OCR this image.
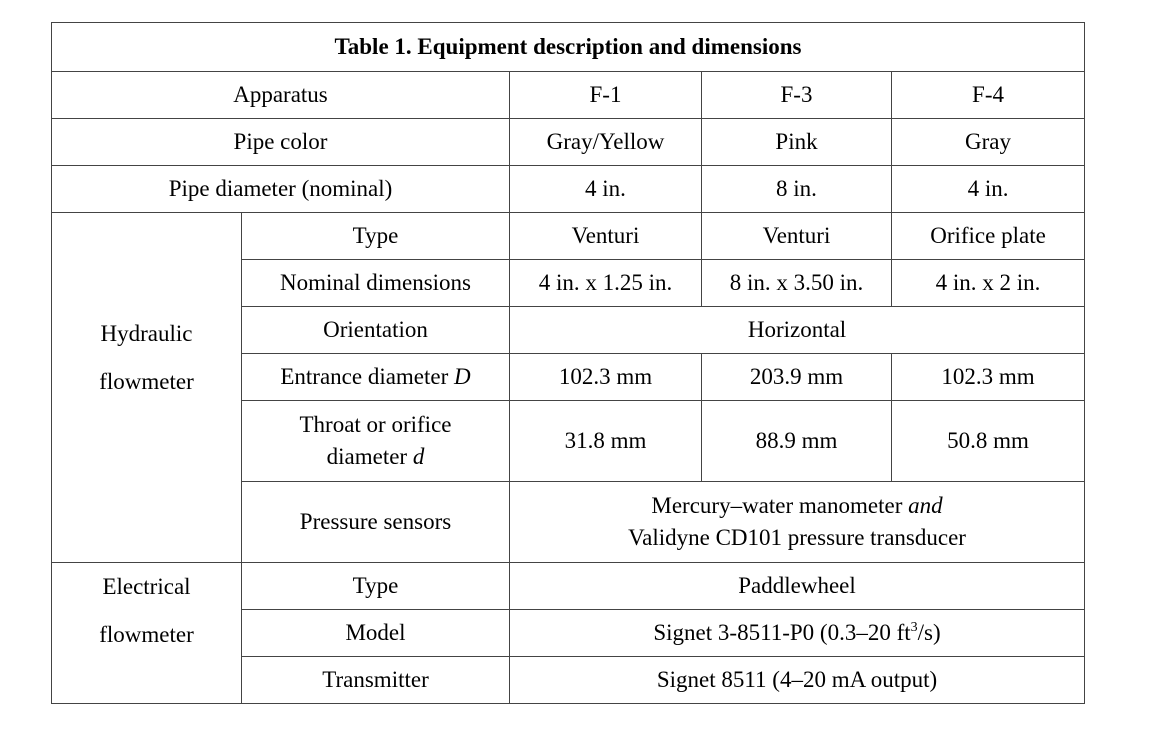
Table 1. Equipment description and dimensions				
Apparatus		F-1	F-3	F-4
Pipe color		Gray/Yellow	Pink	Gray
Pipe diameter (nominal)		4 in.	8 in.	4 in.

Hydraulic
flowmeter	Type	Venturi	Venturi	Orifice plate
	Nominal dimensions	4 in. x 1.25 in.	8 in. x 3.50 in.	4 in. x 2 in.
	Orientation	Horizontal		
	Entrance diameter D	102.3 mm	203.9 mm	102.3 mm
	Throat or orifice
diameter d	31.8 mm	88.9 mm	50.8 mm
	Pressure sensors	Mercury–water manometer and
Validyne CD101 pressure transducer		

Electrical
flowmeter	Type	Paddlewheel		
	Model	Signet 3-8511-P0 (0.3–20 $ft^3/s$)		
	Transmitter	Signet 8511 (4–20 mA output)		
